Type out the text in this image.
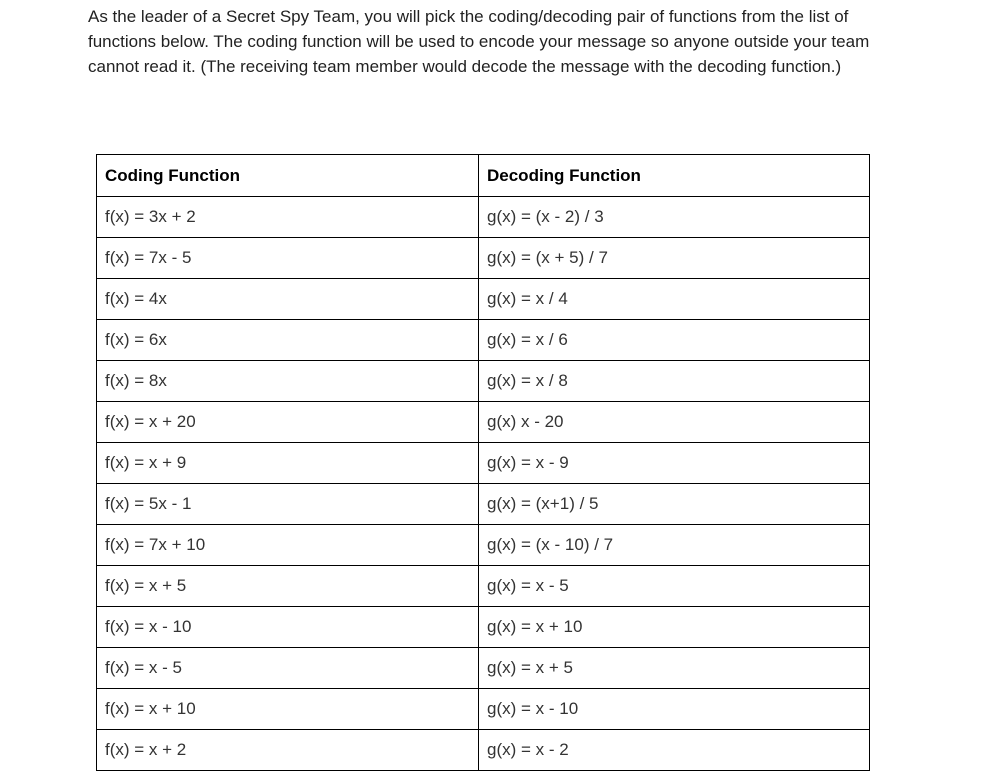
As the leader of a Secret Spy Team, you will pick the coding/decoding pair of functions from the list of functions below. The coding function will be used to encode your message so anyone outside your team cannot read it. (The receiving team member would decode the message with the decoding function.)

Coding Function	Decoding Function
f(x) = 3x + 2	g(x) = (x - 2) / 3
f(x) = 7x - 5	g(x) = (x + 5) / 7
f(x) = 4x	g(x) = x / 4
f(x) = 6x	g(x) = x / 6
f(x) = 8x	g(x) = x / 8
f(x) = x + 20	g(x) x - 20
f(x) = x + 9	g(x) = x - 9
f(x) = 5x - 1	g(x) = (x+1) / 5
f(x) = 7x + 10	g(x) = (x - 10) / 7
f(x) = x + 5	g(x) = x - 5
f(x) = x - 10	g(x) = x + 10
f(x) = x - 5	g(x) = x + 5
f(x) = x + 10	g(x) = x - 10
f(x) = x + 2	g(x) = x - 2
